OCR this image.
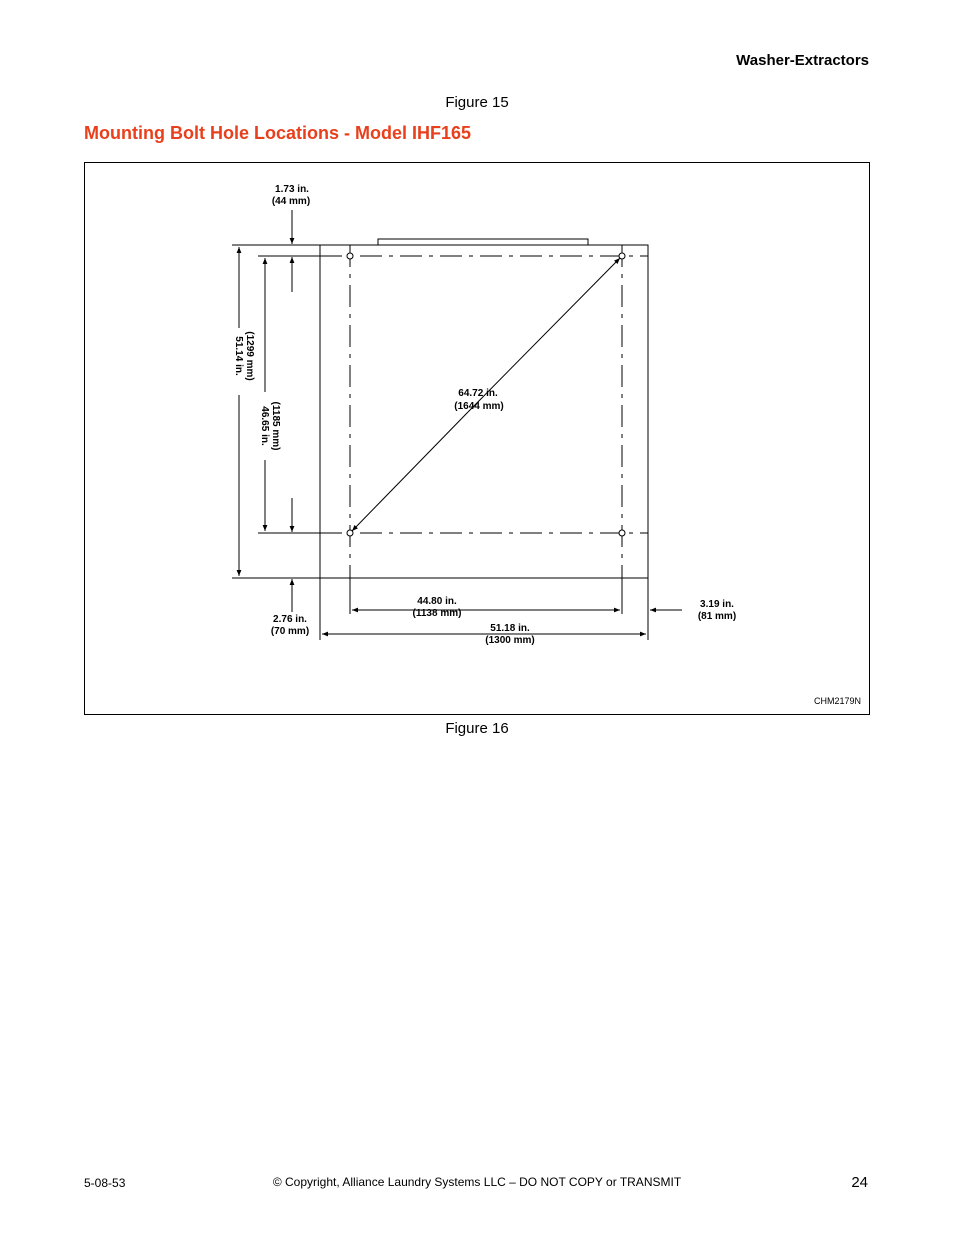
Washer-Extractors
Figure 15
Mounting Bolt Hole Locations - Model IHF165
1.73 in.
(44 mm)
51.14 in. (1299 mm)
46.65 in. (1185 mm)
64.72 in.
(1644 mm)
2.76 in.
(70 mm)
44.80 in.
(1138 mm)
51.18 in.
(1300 mm)
3.19 in.
(81 mm)
CHM2179N
Figure 16
5-08-53	© Copyright, Alliance Laundry Systems LLC – DO NOT COPY or TRANSMIT	24
